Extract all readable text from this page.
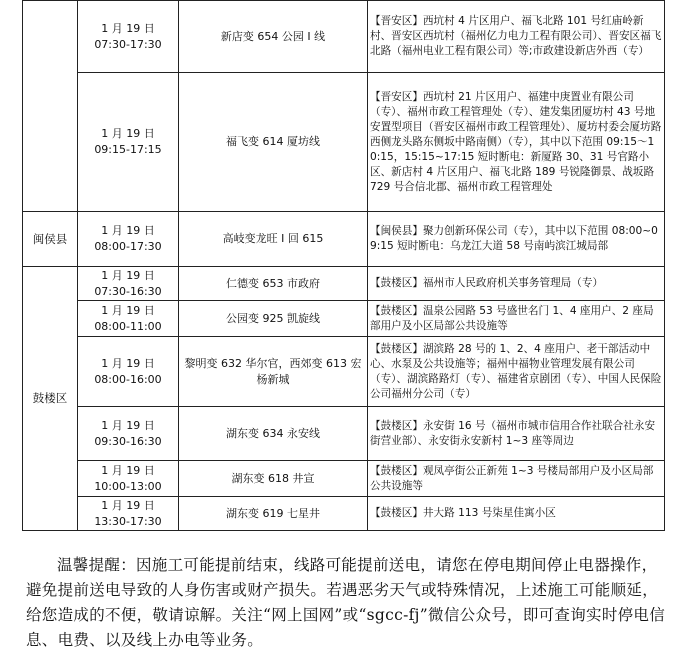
	1 月 19 日
07:30-17:30	新店变 654 公园 I 线	【晋安区】西坑村 4 片区用户、福飞北路 101 号红庙岭新村、晋安区西坑村（福州亿力电力工程有限公司）、晋安区福飞北路（福州电业工程有限公司）等;市政建设新店外西（专）

	1 月 19 日
09:15-17:15	福飞变 614 厦坊线	【晋安区】西坑村 21 片区用户、福建中庚置业有限公司（专）、福州市政工程管理处（专）、建发集团厦坊村 43 号地安置型项目（晋安区福州市政工程管理处）、厦坊村委会厦坊路西侧龙头路东侧坂中路南侧）（专），其中以下范围 09:15～10:15，15:15~17:15 短时断电：新厦路 30、31 号官路小区、新店村 4 片区用户、福飞北路 189 号锐隆御景、战坂路 729 号合信北郡、福州市政工程管理处
闽侯县	1 月 19 日
08:00-17:30	高岐变龙旺 I 回 615	【闽侯县】聚力创新环保公司（专），其中以下范围 08:00~09:15 短时断电：乌龙江大道 58 号南屿滨江城局部
鼓楼区	1 月 19 日
07:30-16:30	仁德变 653 市政府	【鼓楼区】福州市人民政府机关事务管理局（专）

	1 月 19 日
08:00-11:00	公园变 925 凯旋线	【鼓楼区】温泉公园路 53 号盛世名门 1、4 座用户、2 座局部用户及小区局部公共设施等

	1 月 19 日
08:00-16:00	黎明变 632 华尔官，西郊变 613 宏杨新城	【鼓楼区】湖滨路 28 号的 1、2、4 座用户、老干部活动中心、水泵及公共设施等；福州中福物业管理发展有限公司（专）、湖滨路路灯（专）、福建省京剧团（专）、中国人民保险公司福州分公司（专）

	1 月 19 日
09:30-16:30	湖东变 634 永安线	【鼓楼区】永安街 16 号（福州市城市信用合作社联合社永安街营业部）、永安街永安新村 1~3 座等周边

	1 月 19 日
10:00-13:00	湖东变 618 井宣	【鼓楼区】观凤亭街公正新苑 1~3 号楼局部用户及小区局部公共设施等

	1 月 19 日
13:30-17:30	湖东变 619 七星井	【鼓楼区】井大路 113 号柒星佳寓小区

温馨提醒：因施工可能提前结束，线路可能提前送电，请您在停电期间停止电器操作，避免提前送电导致的人身伤害或财产损失。若遇恶劣天气或特殊情况，上述施工可能顺延，给您造成的不便，敬请谅解。关注“网上国网”或“sgcc-fj”微信公众号，即可查询实时停电信息、电费、以及线上办电等业务。
